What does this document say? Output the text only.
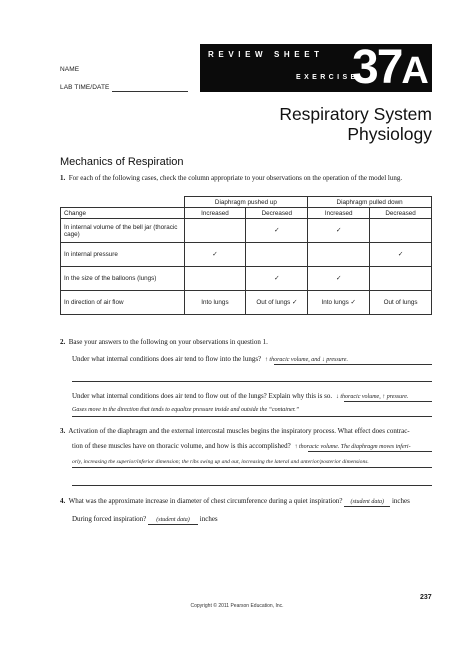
NAME
LAB TIME/DATE
REVIEW SHEET
EXERCISE
37A
Respiratory System
Physiology
Mechanics of Respiration
1. For each of the following cases, check the column appropriate to your observations on the operation of the model lung.
	Diaphragm pushed up		Diaphragm pulled down	
Change	Increased	Decreased	Increased	Decreased
In internal volume of the bell jar (thoracic cage)		✓	✓	
In internal pressure	✓			✓
In the size of the balloons (lungs)		✓	✓	
In direction of air flow	Into lungs	Out of lungs ✓	Into lungs ✓	Out of lungs
2. Base your answers to the following on your observations in question 1.
Under what internal conditions does air tend to flow into the lungs? ↑ thoracic volume, and ↓ pressure.
Under what internal conditions does air tend to flow out of the lungs? Explain why this is so. ↓ thoracic volume, ↑ pressure.
Gases move in the direction that tends to equalize pressure inside and outside the “container.”
3. Activation of the diaphragm and the external intercostal muscles begins the inspiratory process. What effect does contrac-
tion of these muscles have on thoracic volume, and how is this accomplished? ↑ thoracic volume. The diaphragm moves inferi-
orly, increasing the superior/inferior dimension; the ribs swing up and out, increasing the lateral and anterior/posterior dimensions.
4. What was the approximate increase in diameter of chest circumference during a quiet inspiration? (student data) inches
During forced inspiration? (student data) inches
237
Copyright © 2011 Pearson Education, Inc.
